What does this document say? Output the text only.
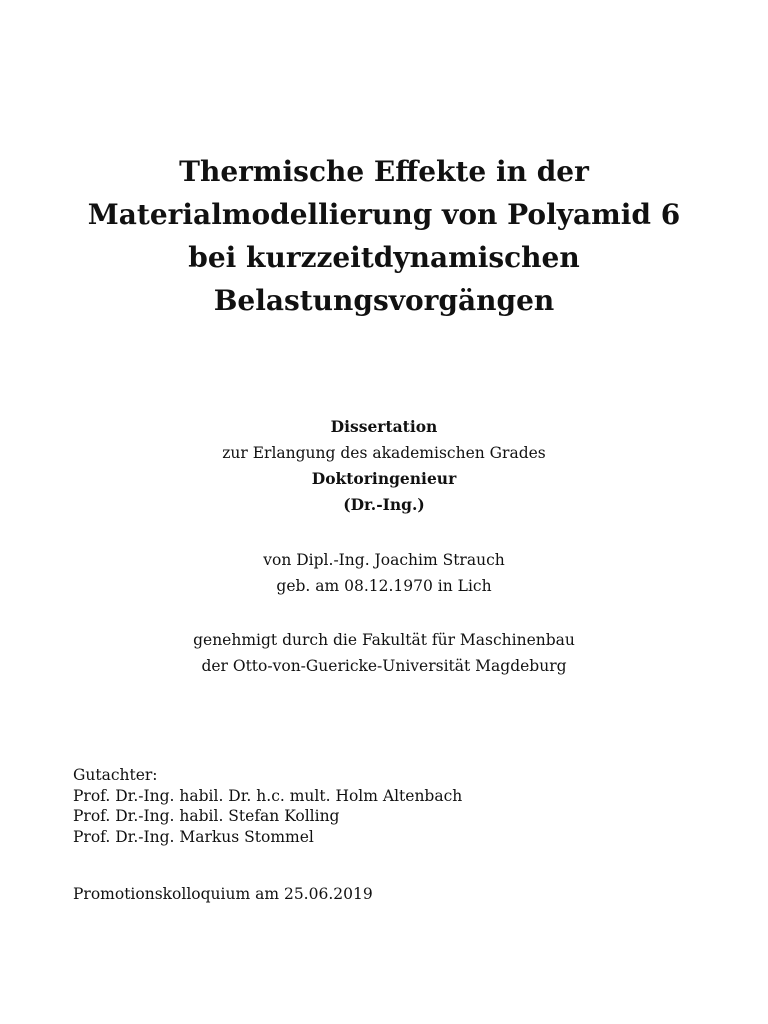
Thermische Effekte in der
Materialmodellierung von Polyamid 6
bei kurzzeitdynamischen
Belastungsvorgängen
Dissertation
zur Erlangung des akademischen Grades
Doktoringenieur
(Dr.-Ing.)
von Dipl.-Ing. Joachim Strauch
geb. am 08.12.1970 in Lich
genehmigt durch die Fakultät für Maschinenbau
der Otto-von-Guericke-Universität Magdeburg
Gutachter:
Prof. Dr.-Ing. habil. Dr. h.c. mult. Holm Altenbach
Prof. Dr.-Ing. habil. Stefan Kolling
Prof. Dr.-Ing. Markus Stommel
Promotionskolloquium am 25.06.2019
